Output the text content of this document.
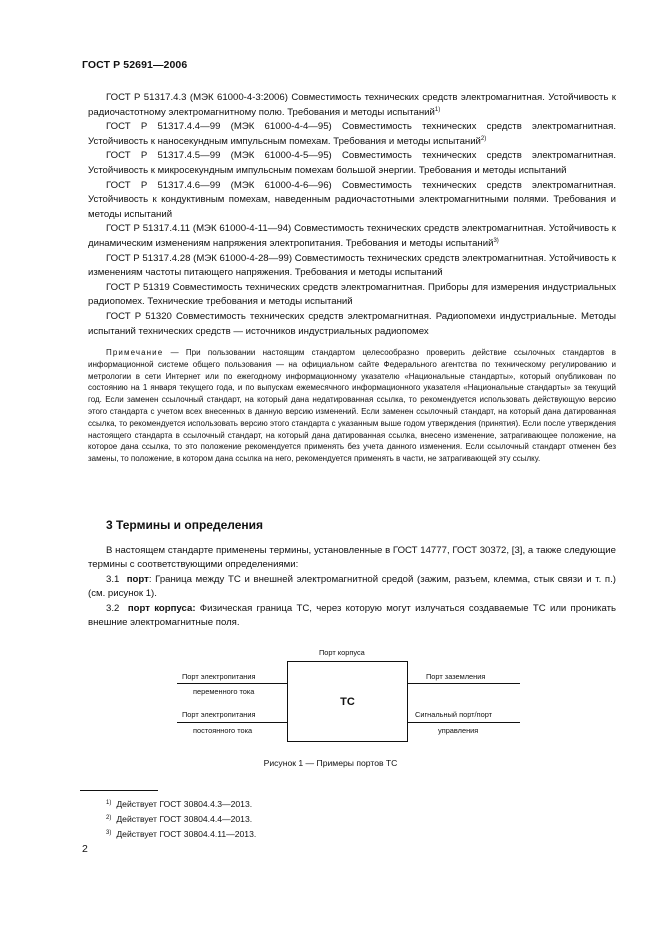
ГОСТ Р 52691—2006

ГОСТ Р 51317.4.3 (МЭК 61000-4-3:2006) Совместимость технических средств электромагнитная. Устойчивость к радиочастотному электромагнитному полю. Требования и методы испытаний$^{1)}$

ГОСТ Р 51317.4.4—99 (МЭК 61000-4-4—95) Совместимость технических средств электромагнитная. Устойчивость к наносекундным импульсным помехам. Требования и методы испытаний$^{2)}$

ГОСТ Р 51317.4.5—99 (МЭК 61000-4-5—95) Совместимость технических средств электромагнитная. Устойчивость к микросекундным импульсным помехам большой энергии. Требования и методы испытаний

ГОСТ Р 51317.4.6—99 (МЭК 61000-4-6—96) Совместимость технических средств электромагнитная. Устойчивость к кондуктивным помехам, наведенным радиочастотными электромагнитными полями. Требования и методы испытаний

ГОСТ Р 51317.4.11 (МЭК 61000-4-11—94) Совместимость технических средств электромагнитная. Устойчивость к динамическим изменениям напряжения электропитания. Требования и методы испытаний$^{3)}$

ГОСТ Р 51317.4.28 (МЭК 61000-4-28—99) Совместимость технических средств электромагнитная. Устойчивость к изменениям частоты питающего напряжения. Требования и методы испытаний

ГОСТ Р 51319 Совместимость технических средств электромагнитная. Приборы для измерения индустриальных радиопомех. Технические требования и методы испытаний

ГОСТ Р 51320 Совместимость технических средств электромагнитная. Радиопомехи индустриальные. Методы испытаний технических средств — источников индустриальных радиопомех

Примечание — При пользовании настоящим стандартом целесообразно проверить действие ссылочных стандартов в информационной системе общего пользования — на официальном сайте Федерального агентства по техническому регулированию и метрологии в сети Интернет или по ежегодному информационному указателю «Национальные стандарты», который опубликован по состоянию на 1 января текущего года, и по выпускам ежемесячного информационного указателя «Национальные стандарты» за текущий год. Если заменен ссылочный стандарт, на который дана недатированная ссылка, то рекомендуется использовать действующую версию этого стандарта с учетом всех внесенных в данную версию изменений. Если заменен ссылочный стандарт, на который дана датированная ссылка, то рекомендуется использовать версию этого стандарта с указанным выше годом утверждения (принятия). Если после утверждения настоящего стандарта в ссылочный стандарт, на который дана датированная ссылка, внесено изменение, затрагивающее положение, на которое дана ссылка, то это положение рекомендуется применять без учета данного изменения. Если ссылочный стандарт отменен без замены, то положение, в котором дана ссылка на него, рекомендуется применять в части, не затрагивающей эту ссылку.

3 Термины и определения

В настоящем стандарте применены термины, установленные в ГОСТ 14777, ГОСТ 30372, [3], а также следующие термины с соответствующими определениями:

3.1 порт: Граница между ТС и внешней электромагнитной средой (зажим, разъем, клемма, стык связи и т. п.) (см. рисунок 1).

3.2 порт корпуса: Физическая граница ТС, через которую могут излучаться создаваемые ТС или проникать внешние электромагнитные поля.

Порт корпуса
ТС
Порт электропитания
переменного тока
Порт электропитания
постоянного тока
Порт заземления
Сигнальный порт/порт
управления
Рисунок 1 — Примеры портов ТС
$^{1)}$ Действует ГОСТ 30804.4.3—2013.
$^{2)}$ Действует ГОСТ 30804.4.4—2013.
$^{3)}$ Действует ГОСТ 30804.4.11—2013.
2
